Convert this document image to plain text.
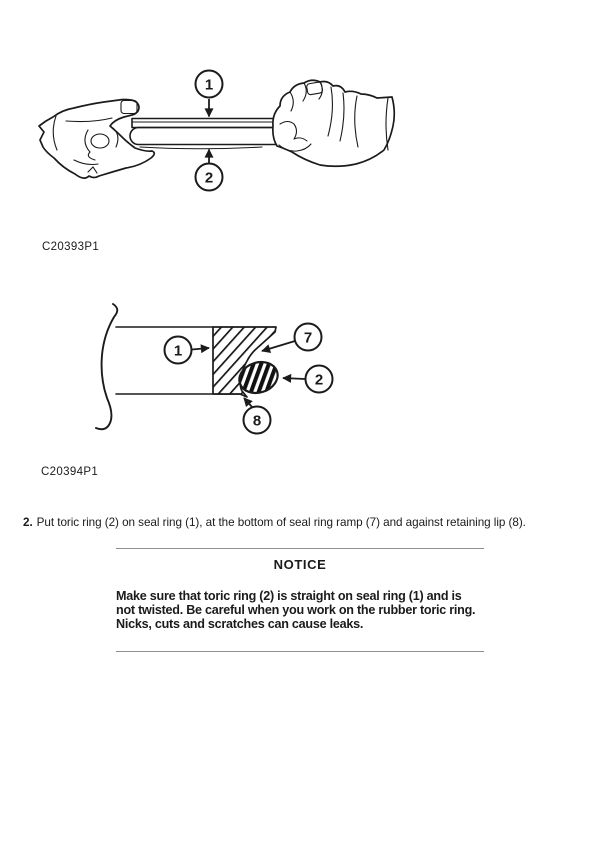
1
2
C20393P1
1
7
2
8
C20394P1

2. Put toric ring (2) on seal ring (1), at the bottom of seal ring ramp (7) and against retaining lip (8).

NOTICE
Make sure that toric ring (2) is straight on seal ring (1) and is
not twisted. Be careful when you work on the rubber toric ring.
Nicks, cuts and scratches can cause leaks.
